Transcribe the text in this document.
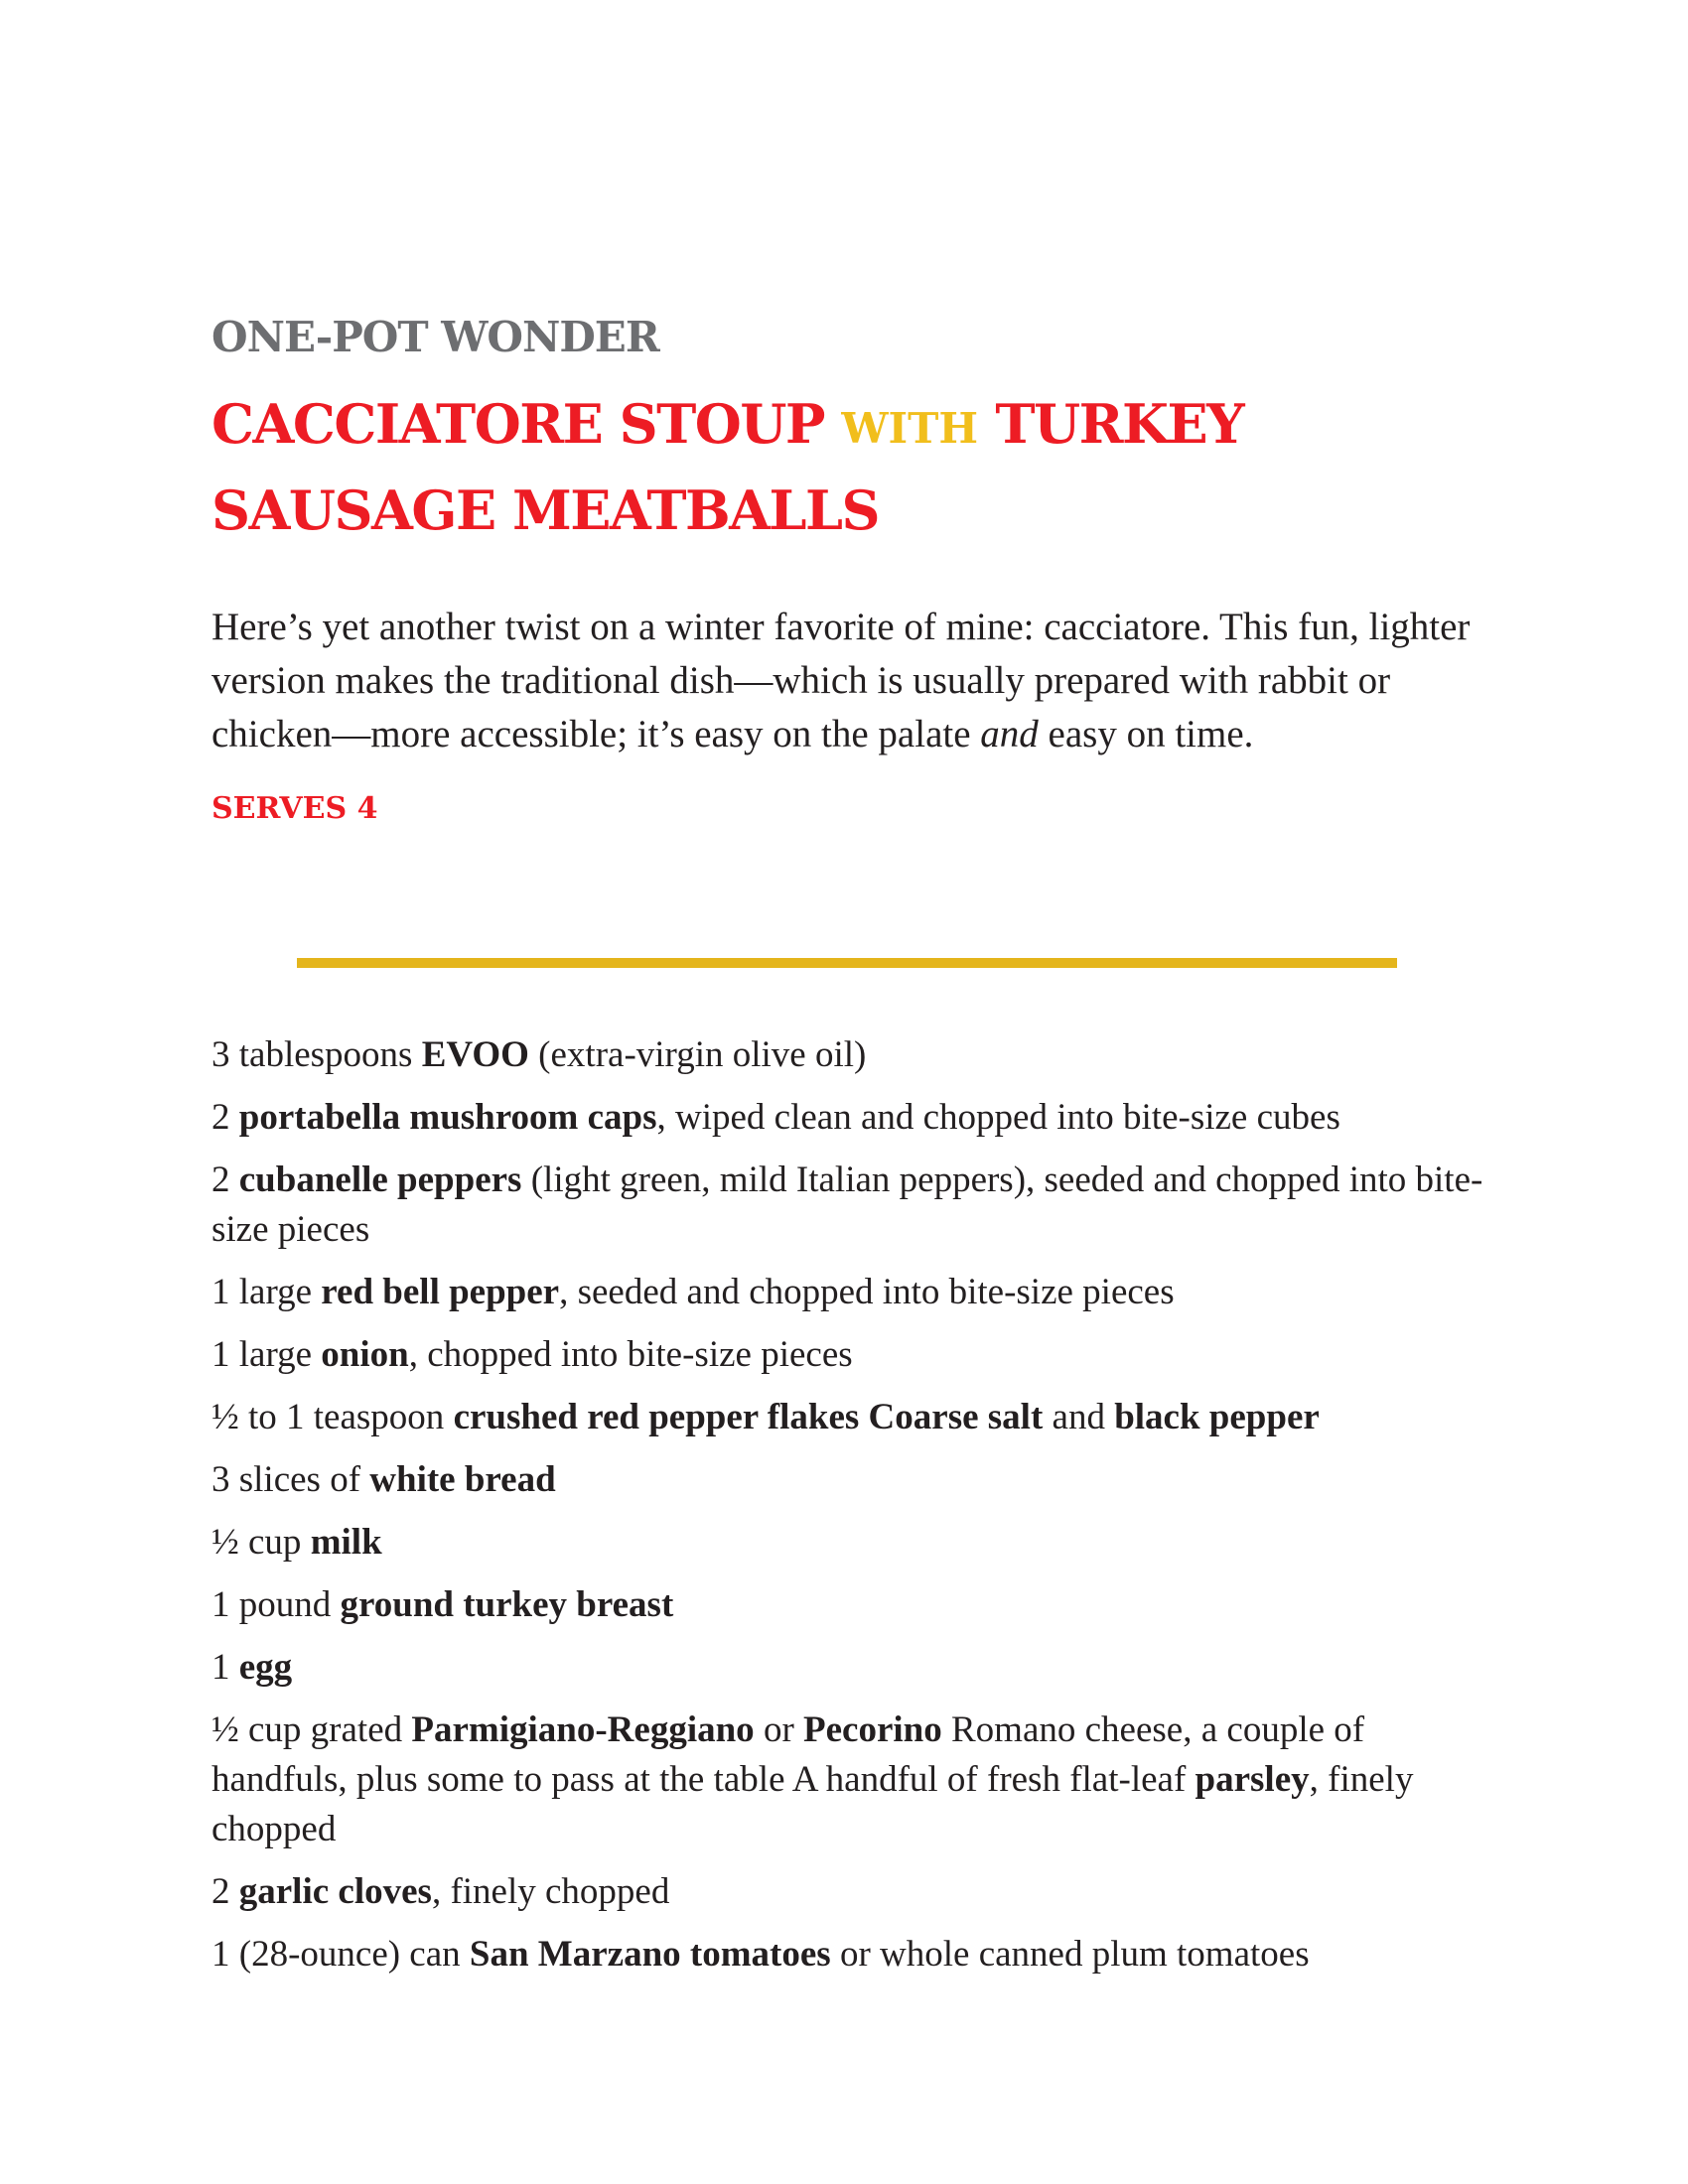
ONE-POT WONDER
CACCIATORE STOUP WITH TURKEY SAUSAGE MEATBALLS
Here’s yet another twist on a winter favorite of mine: cacciatore. This fun, lighter version makes the traditional dish—which is usually prepared with rabbit or chicken—more accessible; it’s easy on the palate and easy on time.
SERVES 4
3 tablespoons EVOO (extra-virgin olive oil)
2 portabella mushroom caps, wiped clean and chopped into bite-size cubes
2 cubanelle peppers (light green, mild Italian peppers), seeded and chopped into bite-size pieces
1 large red bell pepper, seeded and chopped into bite-size pieces
1 large onion, chopped into bite-size pieces
½ to 1 teaspoon crushed red pepper flakes Coarse salt and black pepper
3 slices of white bread
½ cup milk
1 pound ground turkey breast
1 egg
½ cup grated Parmigiano-Reggiano or Pecorino Romano cheese, a couple of handfuls, plus some to pass at the table A handful of fresh flat-leaf parsley, finely chopped
2 garlic cloves, finely chopped
1 (28-ounce) can San Marzano tomatoes or whole canned plum tomatoes
